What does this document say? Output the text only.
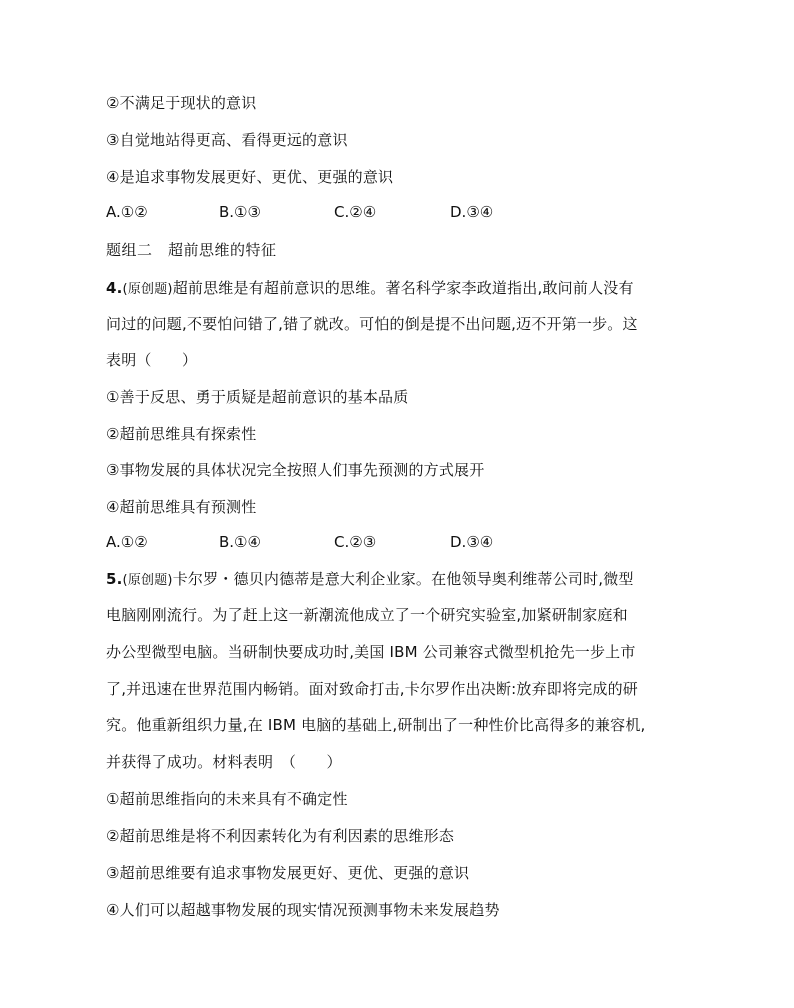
②不满足于现状的意识
③自觉地站得更高、看得更远的意识
④是追求事物发展更好、更优、更强的意识
A.①②	B.①③	C.②④	D.③④
题组二　超前思维的特征
4.(原创题)超前思维是有超前意识的思维。著名科学家李政道指出,敢问前人没有
问过的问题,不要怕问错了,错了就改。可怕的倒是提不出问题,迈不开第一步。这
表明（　　）
①善于反思、勇于质疑是超前意识的基本品质
②超前思维具有探索性
③事物发展的具体状况完全按照人们事先预测的方式展开
④超前思维具有预测性
A.①②	B.①④	C.②③	D.③④
5.(原创题)卡尔罗・德贝内德蒂是意大利企业家。在他领导奥利维蒂公司时,微型
电脑刚刚流行。为了赶上这一新潮流他成立了一个研究实验室,加紧研制家庭和
办公型微型电脑。当研制快要成功时,美国 IBM 公司兼容式微型机抢先一步上市
了,并迅速在世界范围内畅销。面对致命打击,卡尔罗作出决断:放弃即将完成的研
究。他重新组织力量,在 IBM 电脑的基础上,研制出了一种性价比高得多的兼容机,
并获得了成功。材料表明　（　　）
①超前思维指向的未来具有不确定性
②超前思维是将不利因素转化为有利因素的思维形态
③超前思维要有追求事物发展更好、更优、更强的意识
④人们可以超越事物发展的现实情况预测事物未来发展趋势
